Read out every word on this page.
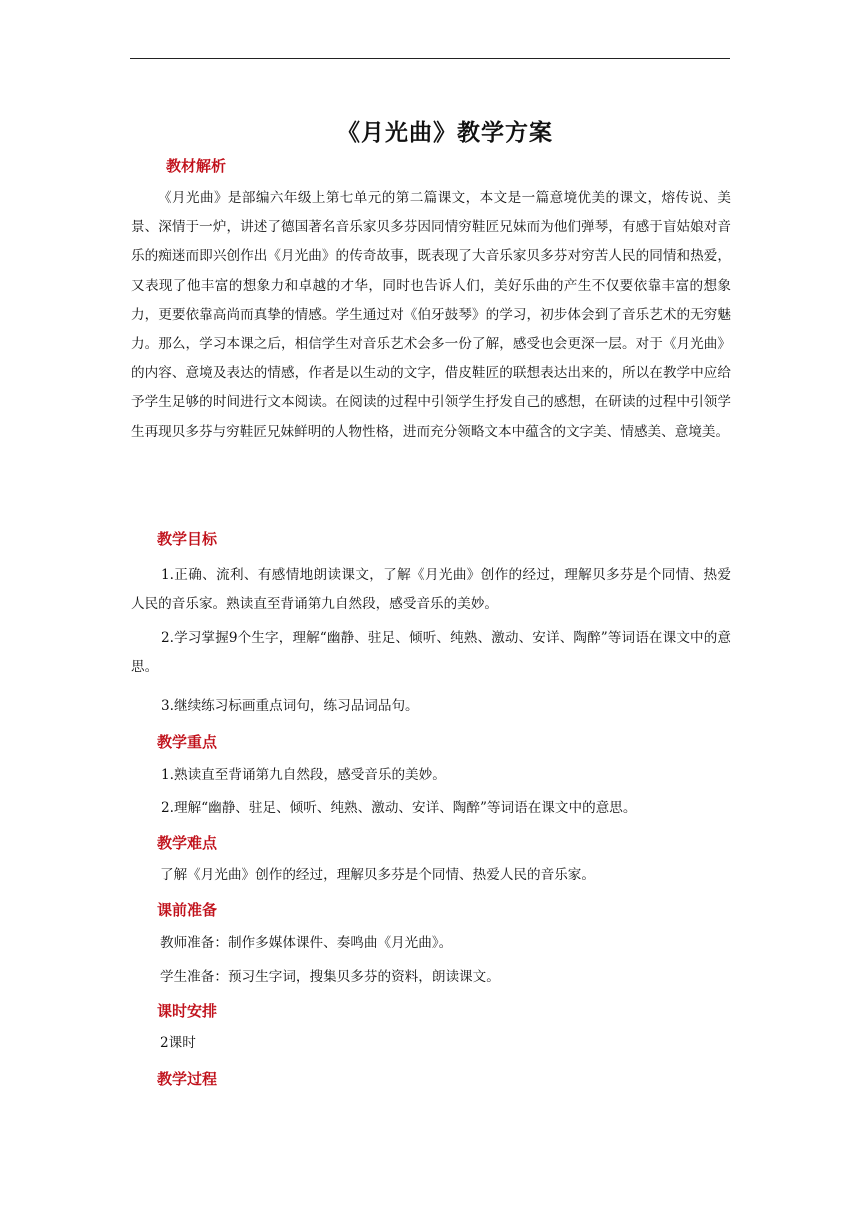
《月光曲》教学方案
教材解析
《月光曲》是部编六年级上第七单元的第二篇课文，本文是一篇意境优美的课文，熔传说、美景、深情于一炉，讲述了德国著名音乐家贝多芬因同情穷鞋匠兄妹而为他们弹琴，有感于盲姑娘对音乐的痴迷而即兴创作出《月光曲》的传奇故事，既表现了大音乐家贝多芬对穷苦人民的同情和热爱，又表现了他丰富的想象力和卓越的才华，同时也告诉人们，美好乐曲的产生不仅要依靠丰富的想象力，更要依靠高尚而真挚的情感。学生通过对《伯牙鼓琴》的学习，初步体会到了音乐艺术的无穷魅力。那么，学习本课之后，相信学生对音乐艺术会多一份了解，感受也会更深一层。对于《月光曲》的内容、意境及表达的情感，作者是以生动的文字，借皮鞋匠的联想表达出来的，所以在教学中应给予学生足够的时间进行文本阅读。在阅读的过程中引领学生抒发自己的感想，在研读的过程中引领学生再现贝多芬与穷鞋匠兄妹鲜明的人物性格，进而充分领略文本中蕴含的文字美、情感美、意境美。
教学目标
1.正确、流利、有感情地朗读课文，了解《月光曲》创作的经过，理解贝多芬是个同情、热爱人民的音乐家。熟读直至背诵第九自然段，感受音乐的美妙。
2.学习掌握9个生字，理解“幽静、驻足、倾听、纯熟、激动、安详、陶醉”等词语在课文中的意思。
3.继续练习标画重点词句，练习品词品句。
教学重点
1.熟读直至背诵第九自然段，感受音乐的美妙。
2.理解“幽静、驻足、倾听、纯熟、激动、安详、陶醉”等词语在课文中的意思。
教学难点
了解《月光曲》创作的经过，理解贝多芬是个同情、热爱人民的音乐家。
课前准备
教师准备：制作多媒体课件、奏鸣曲《月光曲》。
学生准备：预习生字词，搜集贝多芬的资料，朗读课文。
课时安排
2课时
教学过程
